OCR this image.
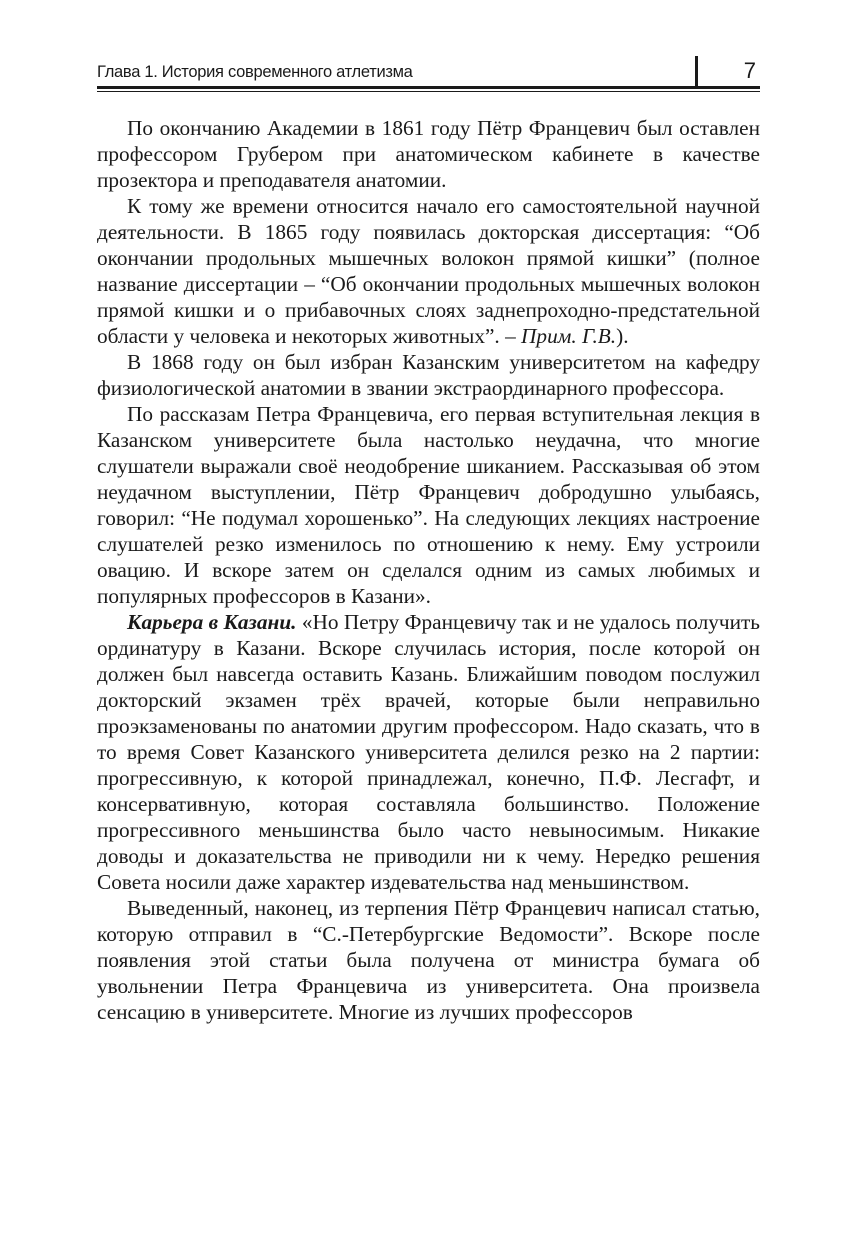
Глава 1. История современного атлетизма	7

По окончанию Академии в 1861 году Пётр Францевич был оставлен профессором Грубером при анатомическом кабинете в качестве прозектора и преподавателя анатомии.

К тому же времени относится начало его самостоятельной научной деятельности. В 1865 году появилась докторская диссертация: “Об окончании продольных мышечных волокон прямой кишки” (полное название диссертации – “Об окончании продольных мышечных волокон прямой кишки и о прибавочных слоях заднепроходно-предстательной области у человека и некоторых животных”. – Прим. Г.В.).

В 1868 году он был избран Казанским университетом на кафедру физиологической анатомии в звании экстраординарного профессора.

По рассказам Петра Францевича, его первая вступительная лекция в Казанском университете была настолько неудачна, что многие слушатели выражали своё неодобрение шиканием. Рассказывая об этом неудачном выступлении, Пётр Францевич добродушно улыбаясь, говорил: “Не подумал хорошенько”. На следующих лекциях настроение слушателей резко изменилось по отношению к нему. Ему устроили овацию. И вскоре затем он сделался одним из самых любимых и популярных профессоров в Казани».

Карьера в Казани. «Но Петру Францевичу так и не удалось получить ординатуру в Казани. Вскоре случилась история, после которой он должен был навсегда оставить Казань. Ближайшим поводом послужил докторский экзамен трёх врачей, которые были неправильно проэкзаменованы по анатомии другим профессором. Надо сказать, что в то время Совет Казанского университета делился резко на 2 партии: прогрессивную, к которой принадлежал, конечно, П.Ф. Лесгафт, и консервативную, которая составляла большинство. Положение прогрессивного меньшинства было часто невыносимым. Никакие доводы и доказательства не приводили ни к чему. Нередко решения Совета носили даже характер издевательства над меньшинством.

Выведенный, наконец, из терпения Пётр Францевич написал статью, которую отправил в “С.-Петербургские Ведомости”. Вскоре после появления этой статьи была получена от министра бумага об увольнении Петра Францевича из университета. Она произвела сенсацию в университете. Многие из лучших профессоров
